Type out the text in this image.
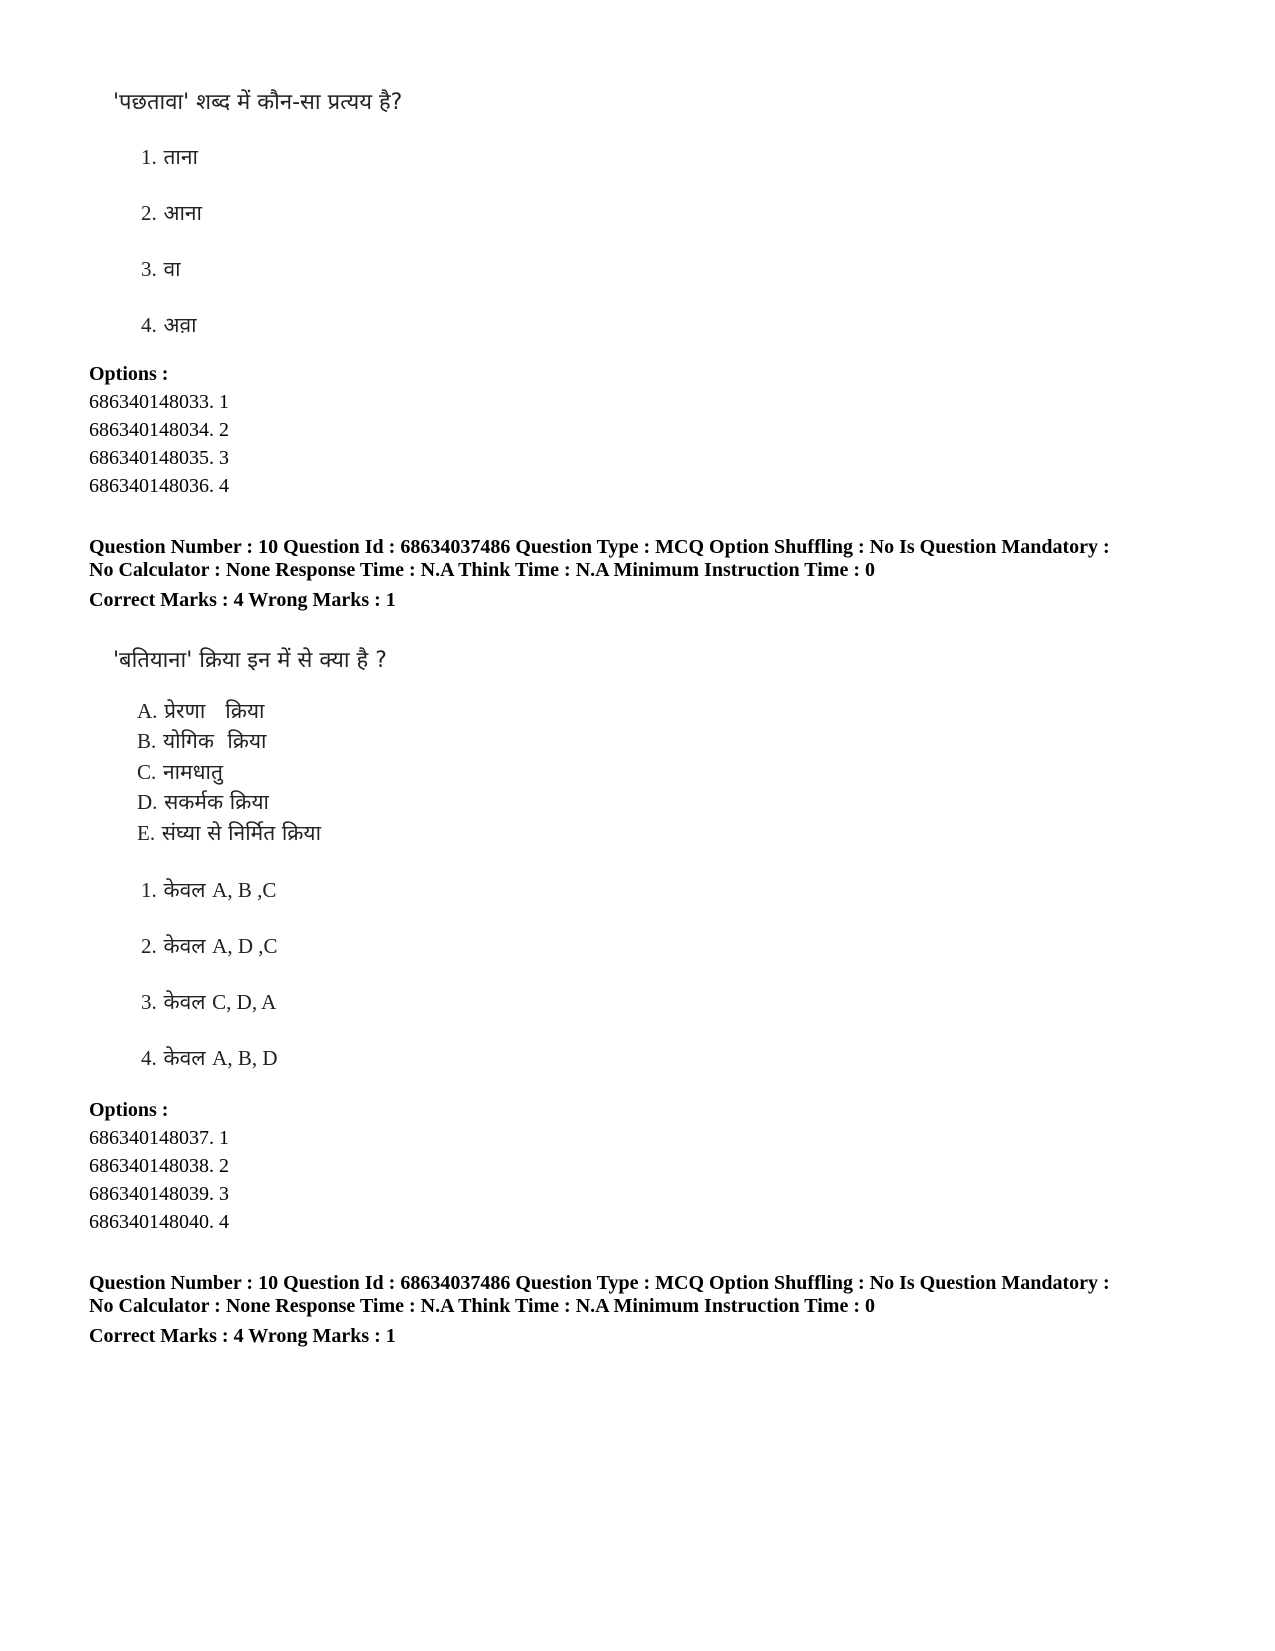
'पछतावा' शब्द में कौन-सा प्रत्यय है?
1. ताना
2. आना
3. वा
4. अव़ा
Options :
686340148033. 1
686340148034. 2
686340148035. 3
686340148036. 4
Question Number : 10 Question Id : 68634037486 Question Type : MCQ Option Shuffling : No Is Question Mandatory :
No Calculator : None Response Time : N.A Think Time : N.A Minimum Instruction Time : 0
Correct Marks : 4 Wrong Marks : 1
'बतियाना' क्रिया इन में से क्या है ?
A. प्रेरणा   क्रिया
B. योगिक  क्रिया
C. नामधातु
D. सकर्मक क्रिया
E. संघ्या से निर्मित क्रिया
1. केवल A, B ,C
2. केवल A, D ,C
3. केवल C, D, A
4. केवल A, B, D
Options :
686340148037. 1
686340148038. 2
686340148039. 3
686340148040. 4
Question Number : 10 Question Id : 68634037486 Question Type : MCQ Option Shuffling : No Is Question Mandatory :
No Calculator : None Response Time : N.A Think Time : N.A Minimum Instruction Time : 0
Correct Marks : 4 Wrong Marks : 1
